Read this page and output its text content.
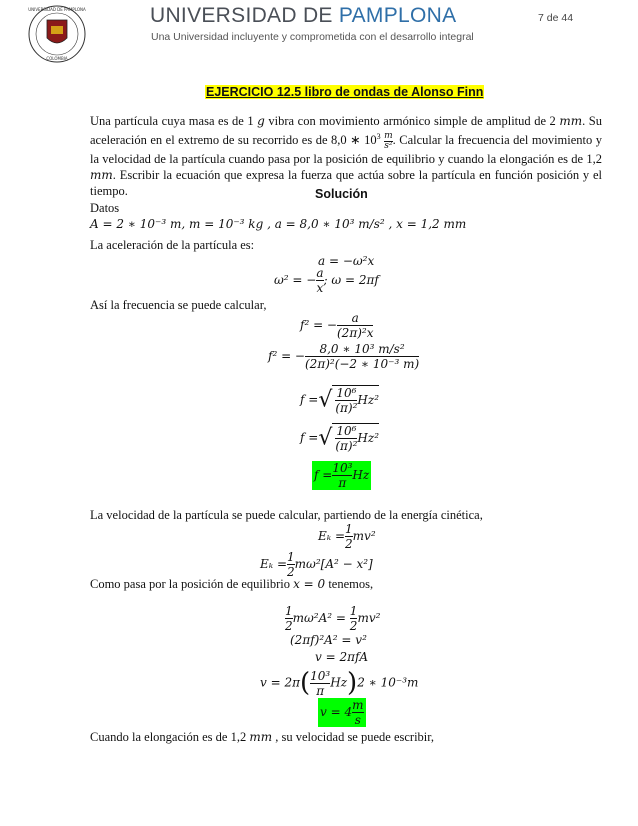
UNIVERSIDAD DE PAMPLONA
COLOMBIA
UNIVERSIDAD DE PAMPLONA
Una Universidad incluyente y comprometida con el desarrollo integral
7 de 44
EJERCICIO 12.5 libro de ondas de Alonso Finn
Una partícula cuya masa es de 1 g vibra con movimiento armónico simple de amplitud de 2 mm. Su aceleración en el extremo de su recorrido es de 8,0 ∗ $10^3 \frac{m}{\text{s²}}$ . Calcular la frecuencia del movimiento y la velocidad de la partícula cuando pasa por la posición de equilibrio y cuando la elongación es de 1,2 mm. Escribir la ecuación que expresa la fuerza que actúa sobre la partícula en función posición y el tiempo.	Solución
Datos
A = 2 ∗ 10⁻³ m, m = 10⁻³ kg , a = 8,0 ∗ 10³ m/s² , x = 1,2 mm
La aceleración de la partícula es:
a = −ω²x
ω² = − $\frac{a}{x}$ ; ω = 2πf
Así la frecuencia se puede calcular,
f² = − $\frac{a}{\text{(2π)²x}}$
f² = − $\frac{\text{8,0 ∗ 10³ m/s²}}{\text{(2π)²(−2 ∗ 10⁻³ m)}}$
f =√ $\frac{\text{10⁶}}{\text{(π)²}} Hz^2$
f =√ $\frac{\text{10⁶}}{\text{(π)²}} Hz^2$
$f = \frac{\text{10³}}{\pi}$ Hz
La velocidad de la partícula se puede calcular, partiendo de la energía cinética,
$E_k = \frac{1}{2} mv^2$
$E_k = \frac{1}{2} m\omega^2[A^2 - x^2]$
Como pasa por la posición de equilibrio x = 0 tenemos,
$\frac{1}{2} m\omega^2A^2 = \frac{1}{2} mv^2$
(2πf)²A² = v²
v = 2πfA
$v = 2\pi( \frac{\text{10³}}{\pi} Hz)2$ ∗ 10⁻³m
$v = 4 \frac{m}{s}$
Cuando la elongación es de 1,2 mm , su velocidad se puede escribir,
